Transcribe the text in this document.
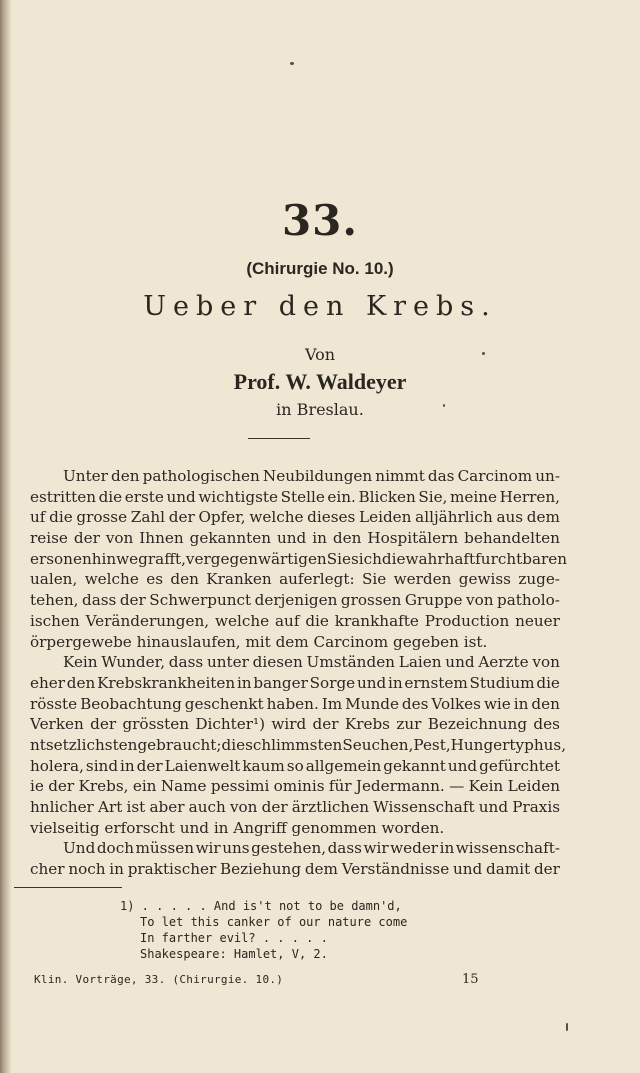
33.
(Chirurgie No. 10.)
Ueber den Krebs.
Von
Prof. W. Waldeyer
in Breslau.
Unter den pathologischen Neubildungen nimmt das Carcinom un-
estritten die erste und wichtigste Stelle ein. Blicken Sie, meine Herren,
uf die grosse Zahl der Opfer, welche dieses Leiden alljährlich aus dem
reise der von Ihnen gekannten und in den Hospitälern behandelten
ersonen hinwegrafft, vergegenwärtigen Sie sich die wahrhaft furchtbaren
ualen, welche es den Kranken auferlegt: Sie werden gewiss zuge-
tehen, dass der Schwerpunct derjenigen grossen Gruppe von patholo-
ischen Veränderungen, welche auf die krankhafte Production neuer
örpergewebe hinauslaufen, mit dem Carcinom gegeben ist.
Kein Wunder, dass unter diesen Umständen Laien und Aerzte von
eher den Krebskrankheiten in banger Sorge und in ernstem Studium die
rösste Beobachtung geschenkt haben. Im Munde des Volkes wie in den
Verken der grössten Dichter¹) wird der Krebs zur Bezeichnung des
ntsetzlichsten gebraucht; die schlimmsten Seuchen, Pest, Hungertyphus,
holera, sind in der Laienwelt kaum so allgemein gekannt und gefürchtet
ie der Krebs, ein Name pessimi ominis für Jedermann. — Kein Leiden
hnlicher Art ist aber auch von der ärztlichen Wissenschaft und Praxis
vielseitig erforscht und in Angriff genommen worden.
Und doch müssen wir uns gestehen, dass wir weder in wissenschaft-
cher noch in praktischer Beziehung dem Verständnisse und damit der
1) . . . . . And is't not to be damn'd,
To let this canker of our nature come
In farther evil? . . . . .
Shakespeare: Hamlet, V, 2.
Klin. Vorträge, 33. (Chirurgie. 10.)	15
